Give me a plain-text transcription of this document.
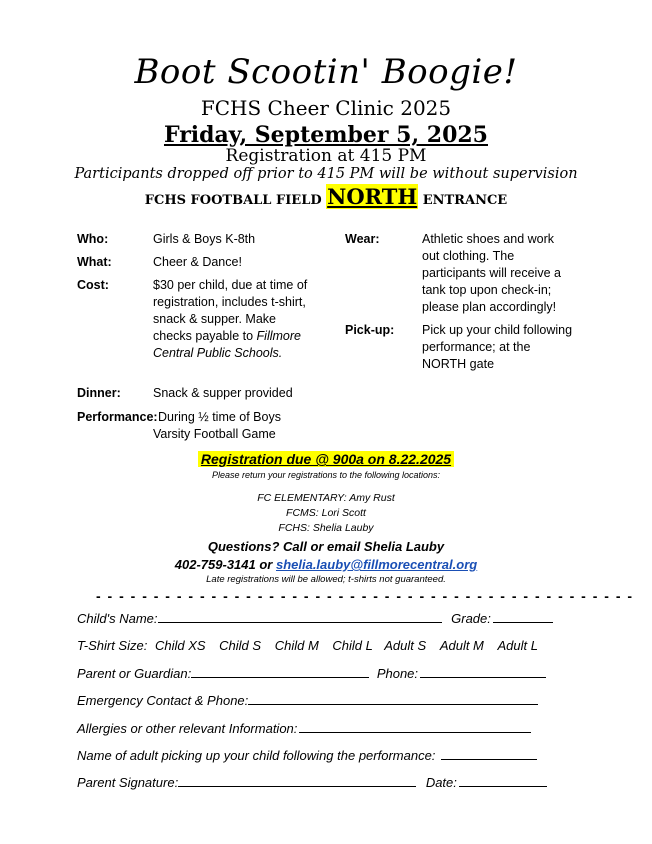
Boot Scootin' Boogie!
FCHS Cheer Clinic 2025
Friday, September 5, 2025
Registration at 415 PM
Participants dropped off prior to 415 PM will be without supervision
FCHS FOOTBALL FIELD NORTH ENTRANCE
Who:	Girls & Boys K-8th
What:	Cheer & Dance!
Cost:	$30 per child, due at time of registration, includes t-shirt, snack & supper. Make checks payable to Fillmore Central Public Schools.
Dinner:	Snack & supper provided
Performance: During ½ time of Boys
Varsity Football Game
Wear:	Athletic shoes and work out clothing. The participants will receive a tank top upon check-in; please plan accordingly!
Pick-up: Pick up your child following performance; at the NORTH gate
Registration due @ 900a on 8.22.2025
Please return your registrations to the following locations:
FC ELEMENTARY: Amy Rust
FCMS: Lori Scott
FCHS: Shelia Lauby
Questions? Call or email Shelia Lauby
402-759-3141 or shelia.lauby@fillmorecentral.org
Late registrations will be allowed; t-shirts not guaranteed.
- - - - - - - - - - - - - - - - - - - - - - - - - - - - - - - - - - - - - - - - - - - - - - -
Child's Name:	Grade:
T-Shirt Size: Child XS Child S Child M Child L Adult S Adult M Adult L
Parent or Guardian:	Phone:
Emergency Contact & Phone:
Allergies or other relevant Information:
Name of adult picking up your child following the performance:
Parent Signature:	Date:
